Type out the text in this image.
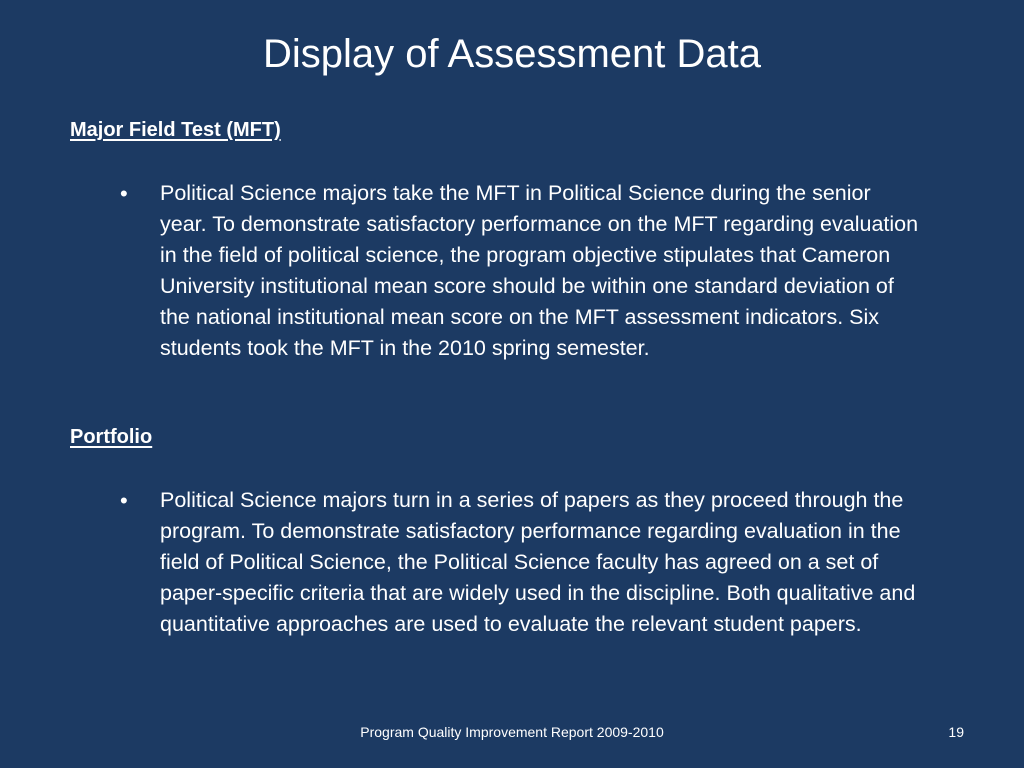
Display of Assessment Data
Major Field Test (MFT)
•	Political Science majors take the MFT in Political Science during the senior year. To demonstrate satisfactory performance on the MFT regarding evaluation in the field of political science, the program objective stipulates that Cameron University institutional mean score should be within one standard deviation of the national institutional mean score on the MFT assessment indicators. Six students took the MFT in the 2010 spring semester.

Portfolio
•	Political Science majors turn in a series of papers as they proceed through the program. To demonstrate satisfactory performance regarding evaluation in the field of Political Science, the Political Science faculty has agreed on a set of paper-specific criteria that are widely used in the discipline. Both qualitative and quantitative approaches are used to evaluate the relevant student papers.

Program Quality Improvement Report 2009-2010	19
